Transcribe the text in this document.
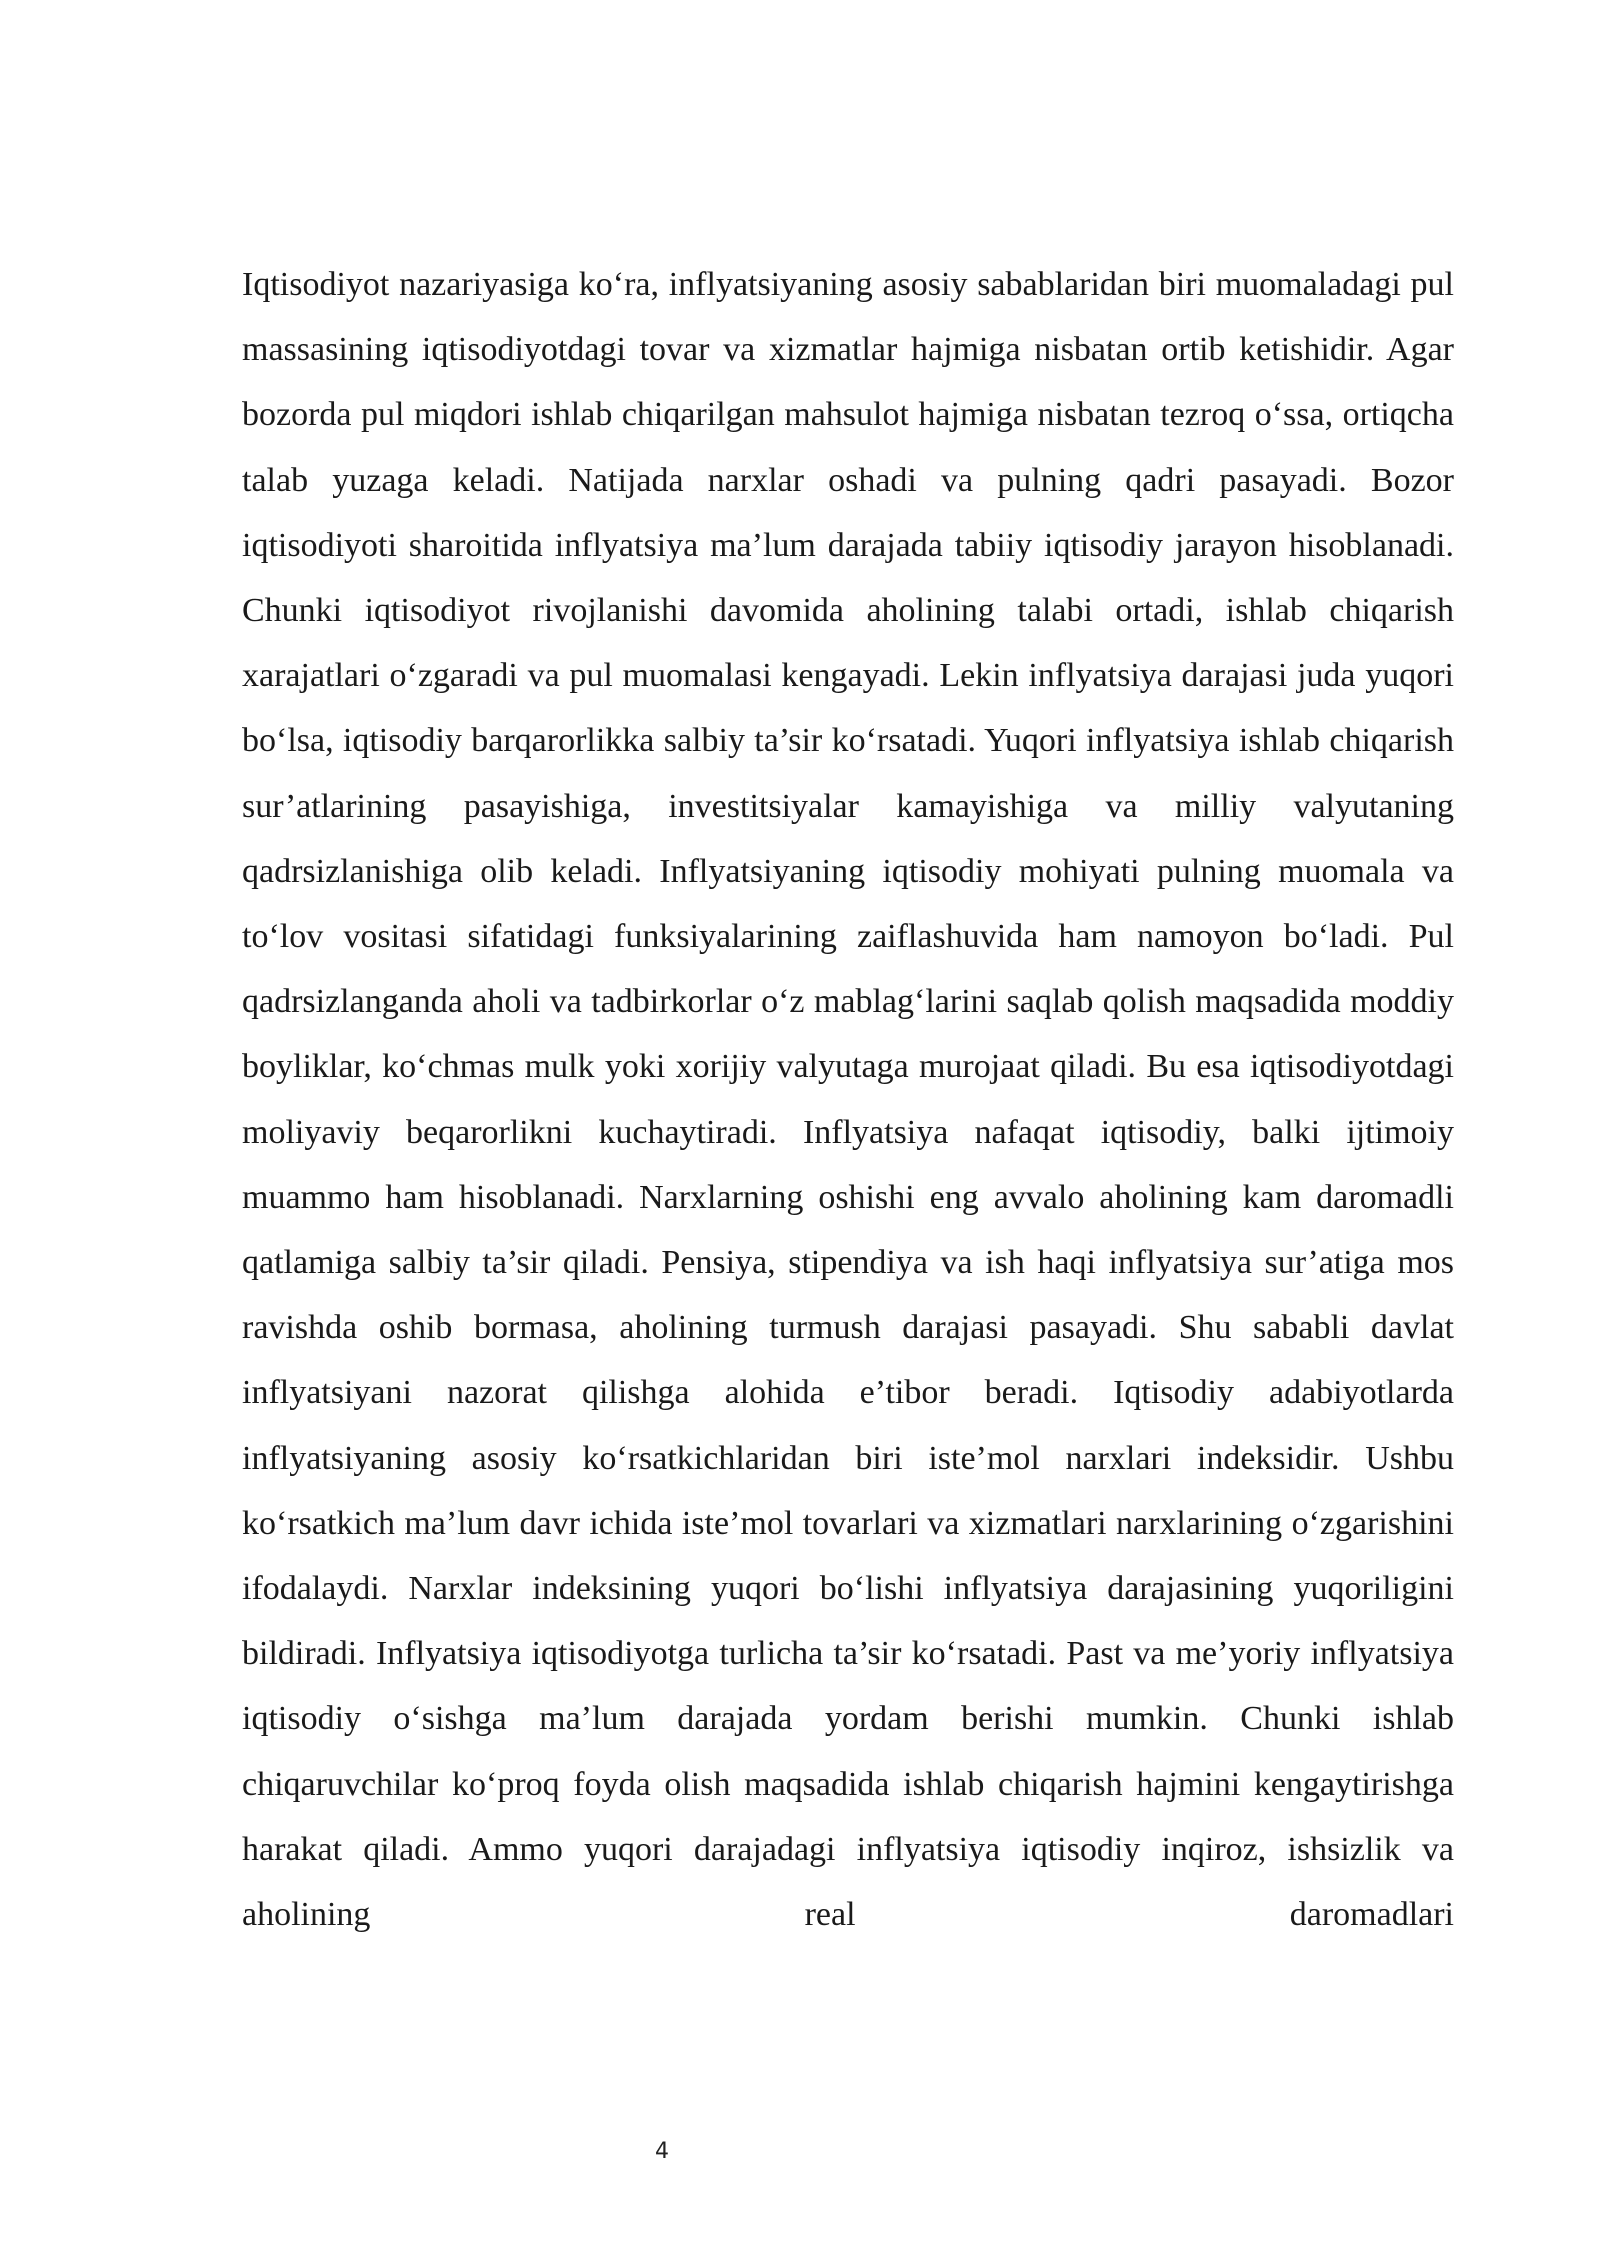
Iqtisodiyot nazariyasiga ko‘ra, inflyatsiyaning asosiy sabablaridan biri muomaladagi pul massasining iqtisodiyotdagi tovar va xizmatlar hajmiga nisbatan ortib ketishidir. Agar bozorda pul miqdori ishlab chiqarilgan mahsulot hajmiga nisbatan tezroq o‘ssa, ortiqcha talab yuzaga keladi. Natijada narxlar oshadi va pulning qadri pasayadi. Bozor iqtisodiyoti sharoitida inflyatsiya ma’lum darajada tabiiy iqtisodiy jarayon hisoblanadi. Chunki iqtisodiyot rivojlanishi davomida aholining talabi ortadi, ishlab chiqarish xarajatlari o‘zgaradi va pul muomalasi kengayadi. Lekin inflyatsiya darajasi juda yuqori bo‘lsa, iqtisodiy barqarorlikka salbiy ta’sir ko‘rsatadi. Yuqori inflyatsiya ishlab chiqarish sur’atlarining pasayishiga, investitsiyalar kamayishiga va milliy valyutaning qadrsizlanishiga olib keladi. Inflyatsiyaning iqtisodiy mohiyati pulning muomala va to‘lov vositasi sifatidagi funksiyalarining zaiflashuvida ham namoyon bo‘ladi. Pul qadrsizlanganda aholi va tadbirkorlar o‘z mablag‘larini saqlab qolish maqsadida moddiy boyliklar, ko‘chmas mulk yoki xorijiy valyutaga murojaat qiladi. Bu esa iqtisodiyotdagi moliyaviy beqarorlikni kuchaytiradi. Inflyatsiya nafaqat iqtisodiy, balki ijtimoiy muammo ham hisoblanadi. Narxlarning oshishi eng avvalo aholining kam daromadli qatlamiga salbiy ta’sir qiladi. Pensiya, stipendiya va ish haqi inflyatsiya sur’atiga mos ravishda oshib bormasa, aholining turmush darajasi pasayadi. Shu sababli davlat inflyatsiyani nazorat qilishga alohida e’tibor beradi. Iqtisodiy adabiyotlarda inflyatsiyaning asosiy ko‘rsatkichlaridan biri iste’mol narxlari indeksidir. Ushbu ko‘rsatkich ma’lum davr ichida iste’mol tovarlari va xizmatlari narxlarining o‘zgarishini ifodalaydi. Narxlar indeksining yuqori bo‘lishi inflyatsiya darajasining yuqoriligini bildiradi. Inflyatsiya iqtisodiyotga turlicha ta’sir ko‘rsatadi. Past va me’yoriy inflyatsiya iqtisodiy o‘sishga ma’lum darajada yordam berishi mumkin. Chunki ishlab chiqaruvchilar ko‘proq foyda olish maqsadida ishlab chiqarish hajmini kengaytirishga harakat qiladi. Ammo yuqori darajadagi inflyatsiya iqtisodiy inqiroz, ishsizlik va aholining real daromadlari

4
